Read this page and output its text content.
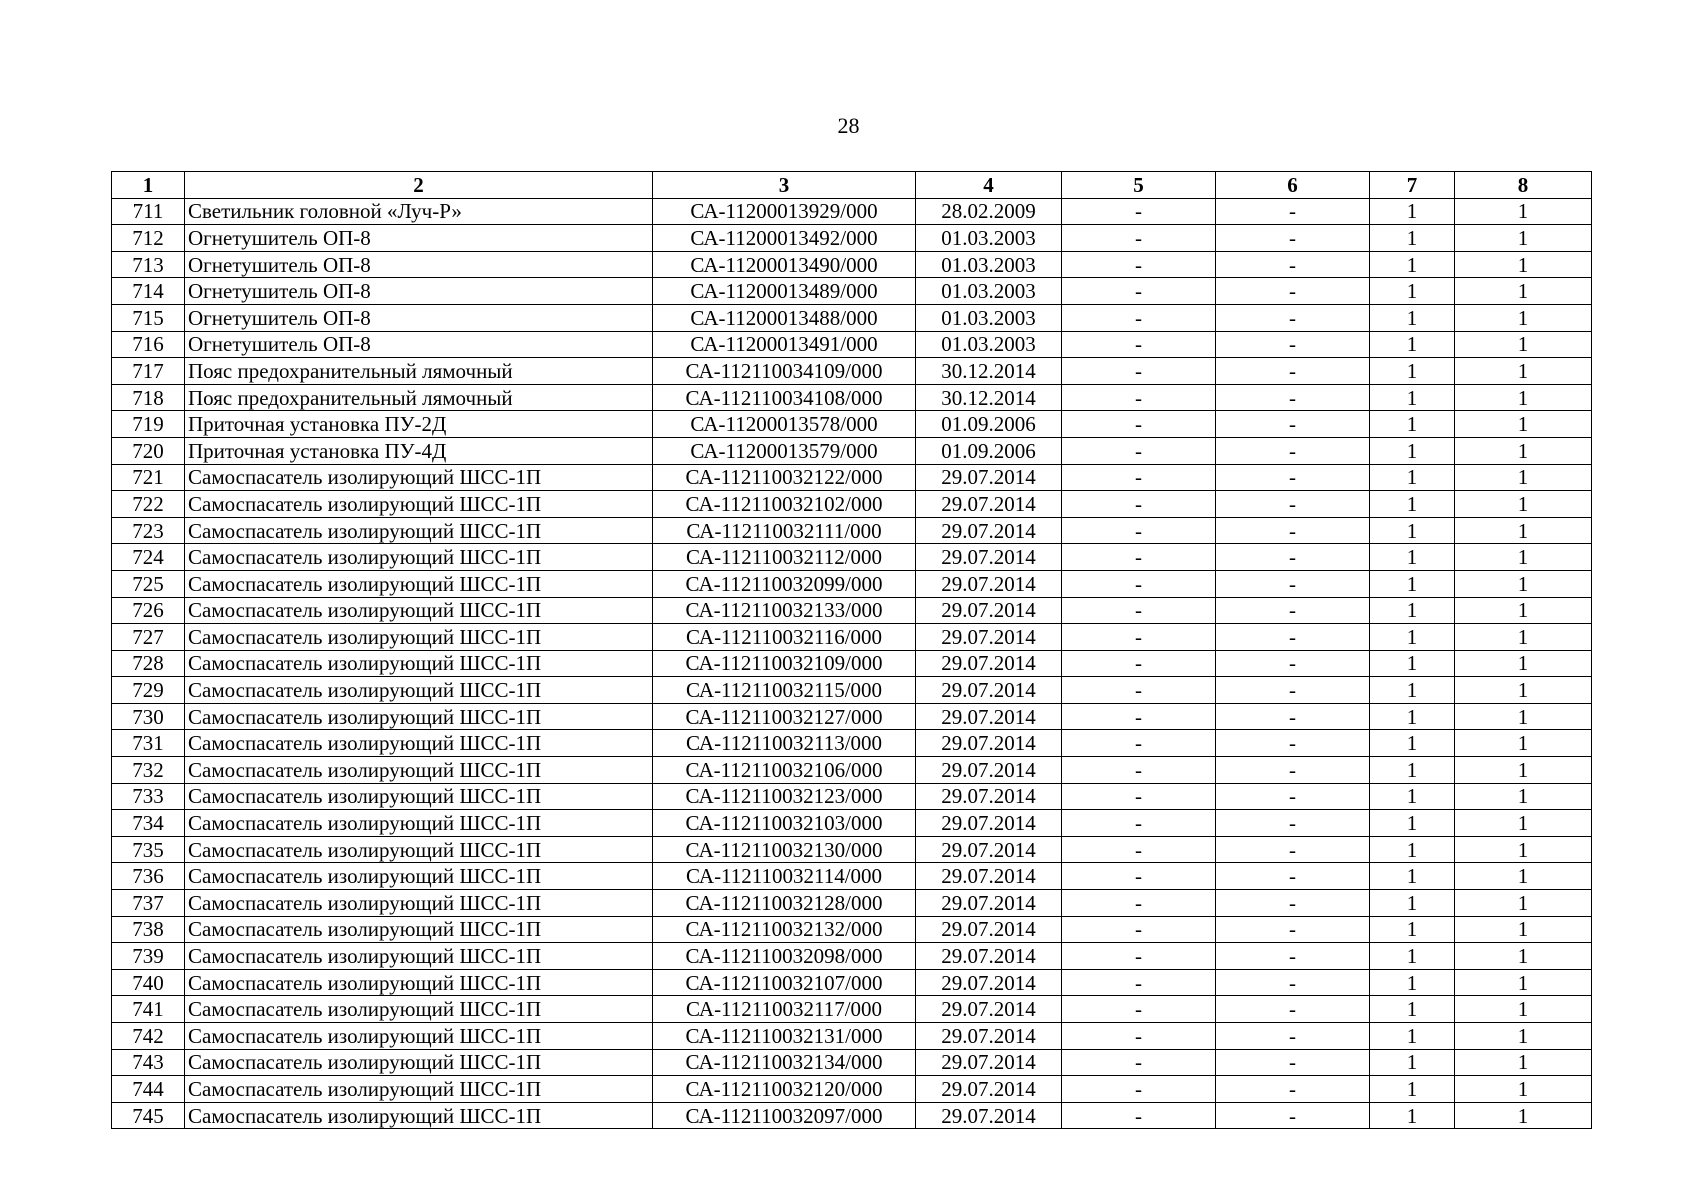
28
1	2	3	4	5	6	7	8
711	Светильник головной «Луч-Р»	СА-11200013929/000	28.02.2009	-	-	1	1
712	Огнетушитель ОП-8	СА-11200013492/000	01.03.2003	-	-	1	1
713	Огнетушитель ОП-8	СА-11200013490/000	01.03.2003	-	-	1	1
714	Огнетушитель ОП-8	СА-11200013489/000	01.03.2003	-	-	1	1
715	Огнетушитель ОП-8	СА-11200013488/000	01.03.2003	-	-	1	1
716	Огнетушитель ОП-8	СА-11200013491/000	01.03.2003	-	-	1	1
717	Пояс предохранительный лямочный	СА-112110034109/000	30.12.2014	-	-	1	1
718	Пояс предохранительный лямочный	СА-112110034108/000	30.12.2014	-	-	1	1
719	Приточная установка ПУ-2Д	СА-11200013578/000	01.09.2006	-	-	1	1
720	Приточная установка ПУ-4Д	СА-11200013579/000	01.09.2006	-	-	1	1
721	Самоспасатель изолирующий ШСС-1П	СА-112110032122/000	29.07.2014	-	-	1	1
722	Самоспасатель изолирующий ШСС-1П	СА-112110032102/000	29.07.2014	-	-	1	1
723	Самоспасатель изолирующий ШСС-1П	СА-112110032111/000	29.07.2014	-	-	1	1
724	Самоспасатель изолирующий ШСС-1П	СА-112110032112/000	29.07.2014	-	-	1	1
725	Самоспасатель изолирующий ШСС-1П	СА-112110032099/000	29.07.2014	-	-	1	1
726	Самоспасатель изолирующий ШСС-1П	СА-112110032133/000	29.07.2014	-	-	1	1
727	Самоспасатель изолирующий ШСС-1П	СА-112110032116/000	29.07.2014	-	-	1	1
728	Самоспасатель изолирующий ШСС-1П	СА-112110032109/000	29.07.2014	-	-	1	1
729	Самоспасатель изолирующий ШСС-1П	СА-112110032115/000	29.07.2014	-	-	1	1
730	Самоспасатель изолирующий ШСС-1П	СА-112110032127/000	29.07.2014	-	-	1	1
731	Самоспасатель изолирующий ШСС-1П	СА-112110032113/000	29.07.2014	-	-	1	1
732	Самоспасатель изолирующий ШСС-1П	СА-112110032106/000	29.07.2014	-	-	1	1
733	Самоспасатель изолирующий ШСС-1П	СА-112110032123/000	29.07.2014	-	-	1	1
734	Самоспасатель изолирующий ШСС-1П	СА-112110032103/000	29.07.2014	-	-	1	1
735	Самоспасатель изолирующий ШСС-1П	СА-112110032130/000	29.07.2014	-	-	1	1
736	Самоспасатель изолирующий ШСС-1П	СА-112110032114/000	29.07.2014	-	-	1	1
737	Самоспасатель изолирующий ШСС-1П	СА-112110032128/000	29.07.2014	-	-	1	1
738	Самоспасатель изолирующий ШСС-1П	СА-112110032132/000	29.07.2014	-	-	1	1
739	Самоспасатель изолирующий ШСС-1П	СА-112110032098/000	29.07.2014	-	-	1	1
740	Самоспасатель изолирующий ШСС-1П	СА-112110032107/000	29.07.2014	-	-	1	1
741	Самоспасатель изолирующий ШСС-1П	СА-112110032117/000	29.07.2014	-	-	1	1
742	Самоспасатель изолирующий ШСС-1П	СА-112110032131/000	29.07.2014	-	-	1	1
743	Самоспасатель изолирующий ШСС-1П	СА-112110032134/000	29.07.2014	-	-	1	1
744	Самоспасатель изолирующий ШСС-1П	СА-112110032120/000	29.07.2014	-	-	1	1
745	Самоспасатель изолирующий ШСС-1П	СА-112110032097/000	29.07.2014	-	-	1	1
